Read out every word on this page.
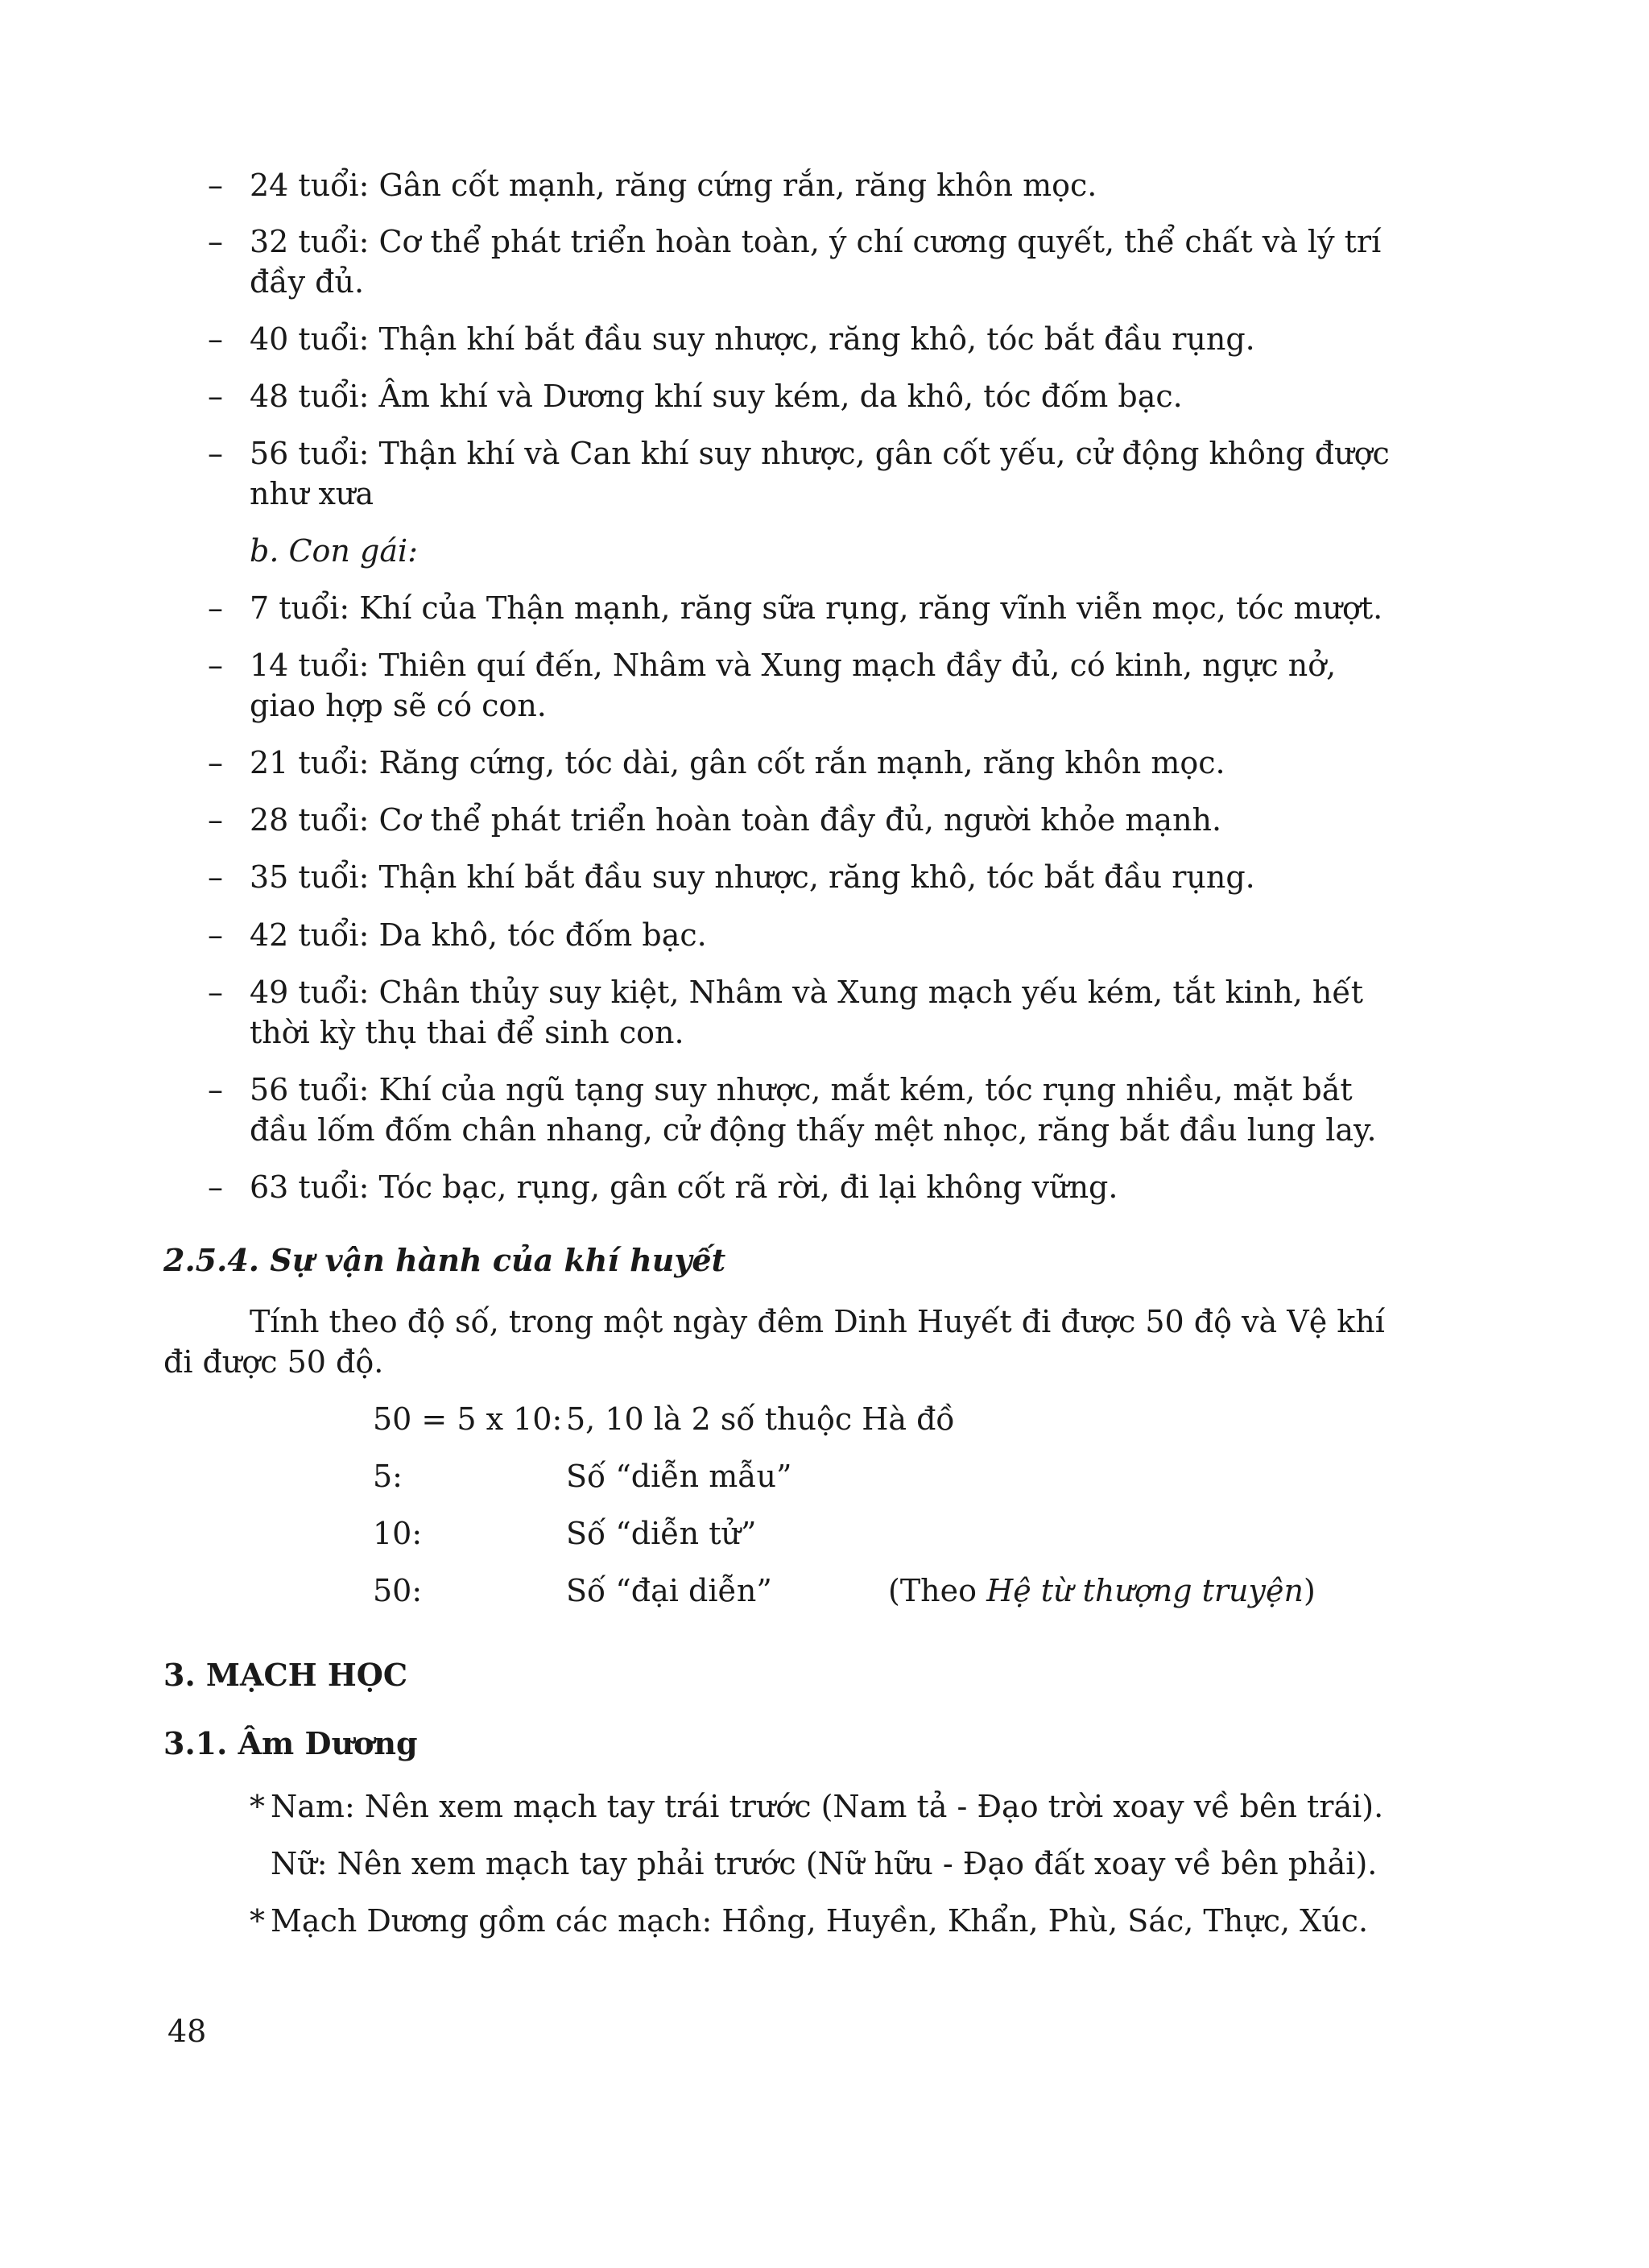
– 24 tuổi: Gân cốt mạnh, răng cứng rắn, răng khôn mọc.
– 32 tuổi: Cơ thể phát triển hoàn toàn, ý chí cương quyết, thể chất và lý trí đầy đủ.
– 40 tuổi: Thận khí bắt đầu suy nhược, răng khô, tóc bắt đầu rụng.
– 48 tuổi: Âm khí và Dương khí suy kém, da khô, tóc đốm bạc.
– 56 tuổi: Thận khí và Can khí suy nhược, gân cốt yếu, cử động không được như xưa
b. Con gái:
– 7 tuổi: Khí của Thận mạnh, răng sữa rụng, răng vĩnh viễn mọc, tóc mượt.
– 14 tuổi: Thiên quí đến, Nhâm và Xung mạch đầy đủ, có kinh, ngực nở, giao hợp sẽ có con.
– 21 tuổi: Răng cứng, tóc dài, gân cốt rắn mạnh, răng khôn mọc.
– 28 tuổi: Cơ thể phát triển hoàn toàn đầy đủ, người khỏe mạnh.
– 35 tuổi: Thận khí bắt đầu suy nhược, răng khô, tóc bắt đầu rụng.
– 42 tuổi: Da khô, tóc đốm bạc.
– 49 tuổi: Chân thủy suy kiệt, Nhâm và Xung mạch yếu kém, tắt kinh, hết thời kỳ thụ thai để sinh con.
– 56 tuổi: Khí của ngũ tạng suy nhược, mắt kém, tóc rụng nhiều, mặt bắt đầu lốm đốm chân nhang, cử động thấy mệt nhọc, răng bắt đầu lung lay.
– 63 tuổi: Tóc bạc, rụng, gân cốt rã rời, đi lại không vững.
2.5.4. Sự vận hành của khí huyết
Tính theo độ số, trong một ngày đêm Dinh Huyết đi được 50 độ và Vệ khí đi được 50 độ.
50 = 5 x 10: 5, 10 là 2 số thuộc Hà đồ
5:	Số “diễn mẫu”
10:	Số “diễn tử”
50:	Số “đại diễn”	(Theo Hệ từ thượng truyện)
3. MẠCH HỌC
3.1. Âm Dương
* Nam: Nên xem mạch tay trái trước (Nam tả - Đạo trời xoay về bên trái).
Nữ: Nên xem mạch tay phải trước (Nữ hữu - Đạo đất xoay về bên phải).
* Mạch Dương gồm các mạch: Hồng, Huyền, Khẩn, Phù, Sác, Thực, Xúc.
48
